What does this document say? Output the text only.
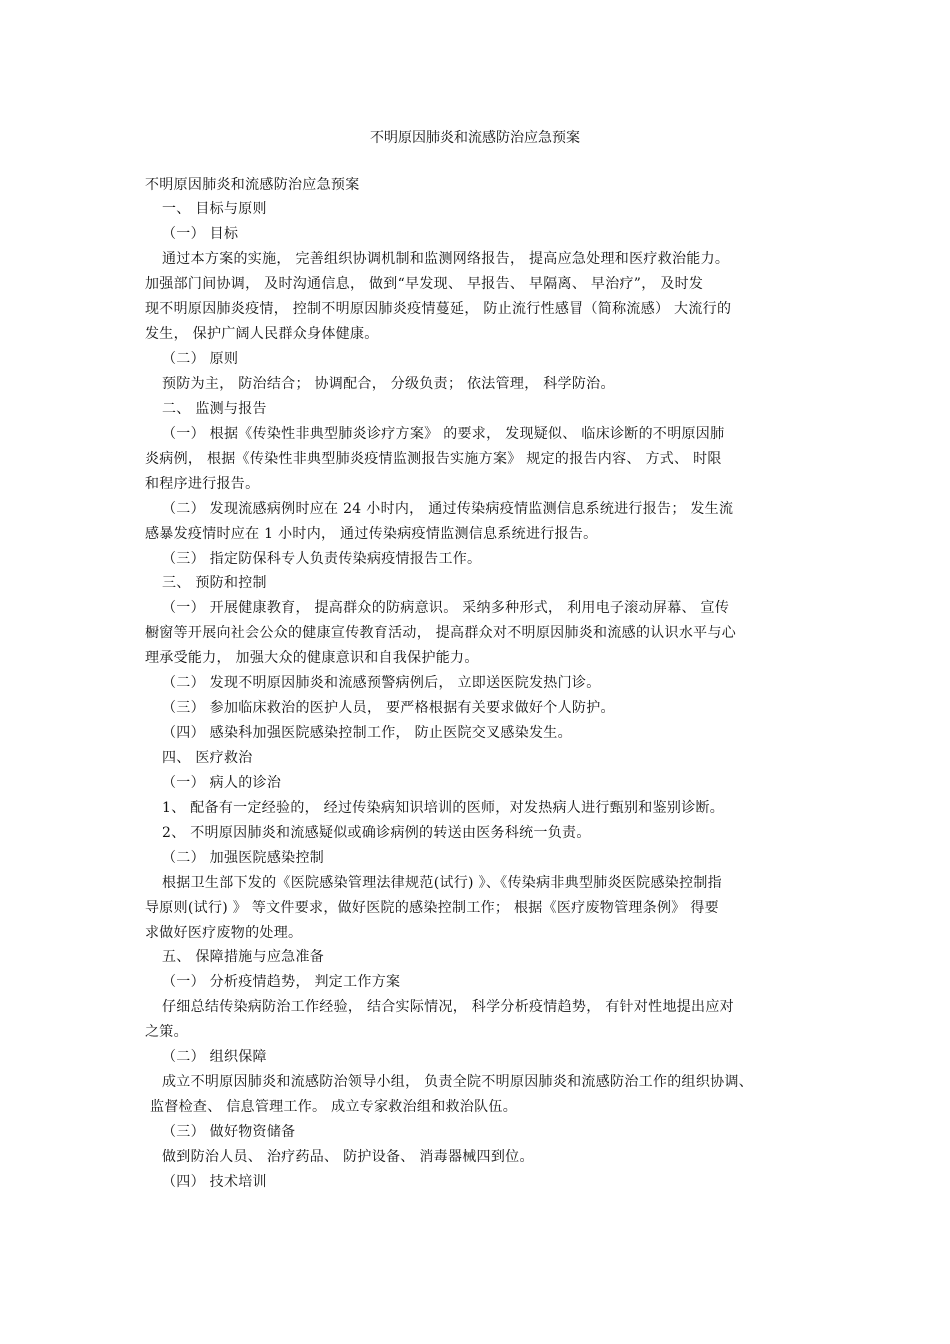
不明原因肺炎和流感防治应急预案
不明原因肺炎和流感防治应急预案
一、 目标与原则
（一） 目标
通过本方案的实施， 完善组织协调机制和监测网络报告， 提高应急处理和医疗救治能力。
加强部门间协调， 及时沟通信息， 做到“早发现、 早报告、 早隔离、 早治疗”， 及时发
现不明原因肺炎疫情， 控制不明原因肺炎疫情蔓延， 防止流行性感冒（简称流感） 大流行的
发生， 保护广阔人民群众身体健康。
（二） 原则
预防为主， 防治结合； 协调配合， 分级负责； 依法管理， 科学防治。
二、 监测与报告
（一） 根据《传染性非典型肺炎诊疗方案》 的要求， 发现疑似、 临床诊断的不明原因肺
炎病例， 根据《传染性非典型肺炎疫情监测报告实施方案》 规定的报告内容、 方式、 时限
和程序进行报告。
（二） 发现流感病例时应在 24 小时内， 通过传染病疫情监测信息系统进行报告； 发生流
感暴发疫情时应在 1 小时内， 通过传染病疫情监测信息系统进行报告。
（三） 指定防保科专人负责传染病疫情报告工作。
三、 预防和控制
（一） 开展健康教育， 提高群众的防病意识。 采纳多种形式， 利用电子滚动屏幕、 宣传
橱窗等开展向社会公众的健康宣传教育活动， 提高群众对不明原因肺炎和流感的认识水平与心
理承受能力， 加强大众的健康意识和自我保护能力。
（二） 发现不明原因肺炎和流感预警病例后， 立即送医院发热门诊。
（三） 参加临床救治的医护人员， 要严格根据有关要求做好个人防护。
（四） 感染科加强医院感染控制工作， 防止医院交叉感染发生。
四、 医疗救治
（一） 病人的诊治
1、 配备有一定经验的， 经过传染病知识培训的医师，对发热病人进行甄别和鉴别诊断。
2、 不明原因肺炎和流感疑似或确诊病例的转送由医务科统一负责。
（二） 加强医院感染控制
根据卫生部下发的《医院感染管理法律规范(试行) 》、《传染病非典型肺炎医院感染控制指
导原则(试行) 》 等文件要求，做好医院的感染控制工作； 根据《医疗废物管理条例》 得要
求做好医疗废物的处理。
五、 保障措施与应急准备
（一） 分析疫情趋势， 判定工作方案
仔细总结传染病防治工作经验， 结合实际情况， 科学分析疫情趋势， 有针对性地提出应对
之策。
（二） 组织保障
成立不明原因肺炎和流感防治领导小组， 负责全院不明原因肺炎和流感防治工作的组织协调、
监督检查、 信息管理工作。 成立专家救治组和救治队伍。
（三） 做好物资储备
做到防治人员、 治疗药品、 防护设备、 消毒器械四到位。
（四） 技术培训
